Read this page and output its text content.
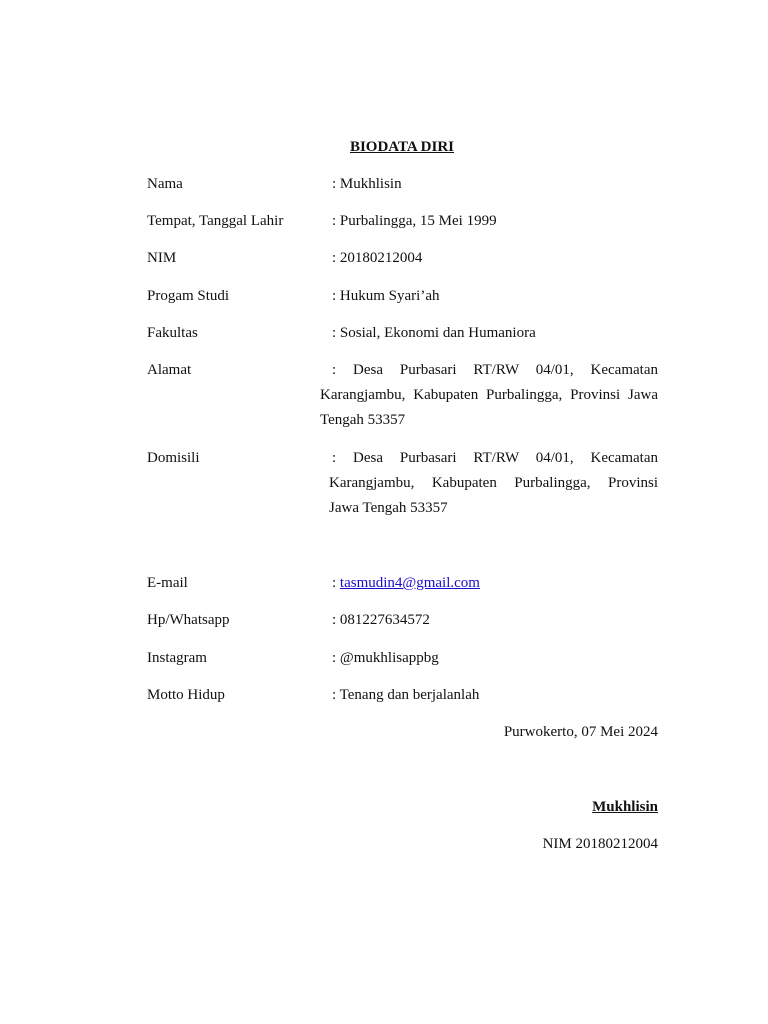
BIODATA DIRI
Nama	: Mukhlisin
Tempat, Tanggal Lahir	: Purbalingga, 15 Mei 1999
NIM	: 20180212004
Progam Studi	: Hukum Syari’ah
Fakultas	: Sosial, Ekonomi dan Humaniora
Alamat	: Desa Purbasari RT/RW 04/01, Kecamatan
Karangjambu, Kabupaten Purbalingga, Provinsi Jawa
Tengah 53357
Domisili	: Desa Purbasari RT/RW 04/01, Kecamatan
Karangjambu, Kabupaten Purbalingga, Provinsi
Jawa Tengah 53357
E-mail	: tasmudin4@gmail.com
Hp/Whatsapp	: 081227634572
Instagram	: @mukhlisappbg
Motto Hidup	: Tenang dan berjalanlah
Purwokerto, 07 Mei 2024
Mukhlisin
NIM 20180212004
